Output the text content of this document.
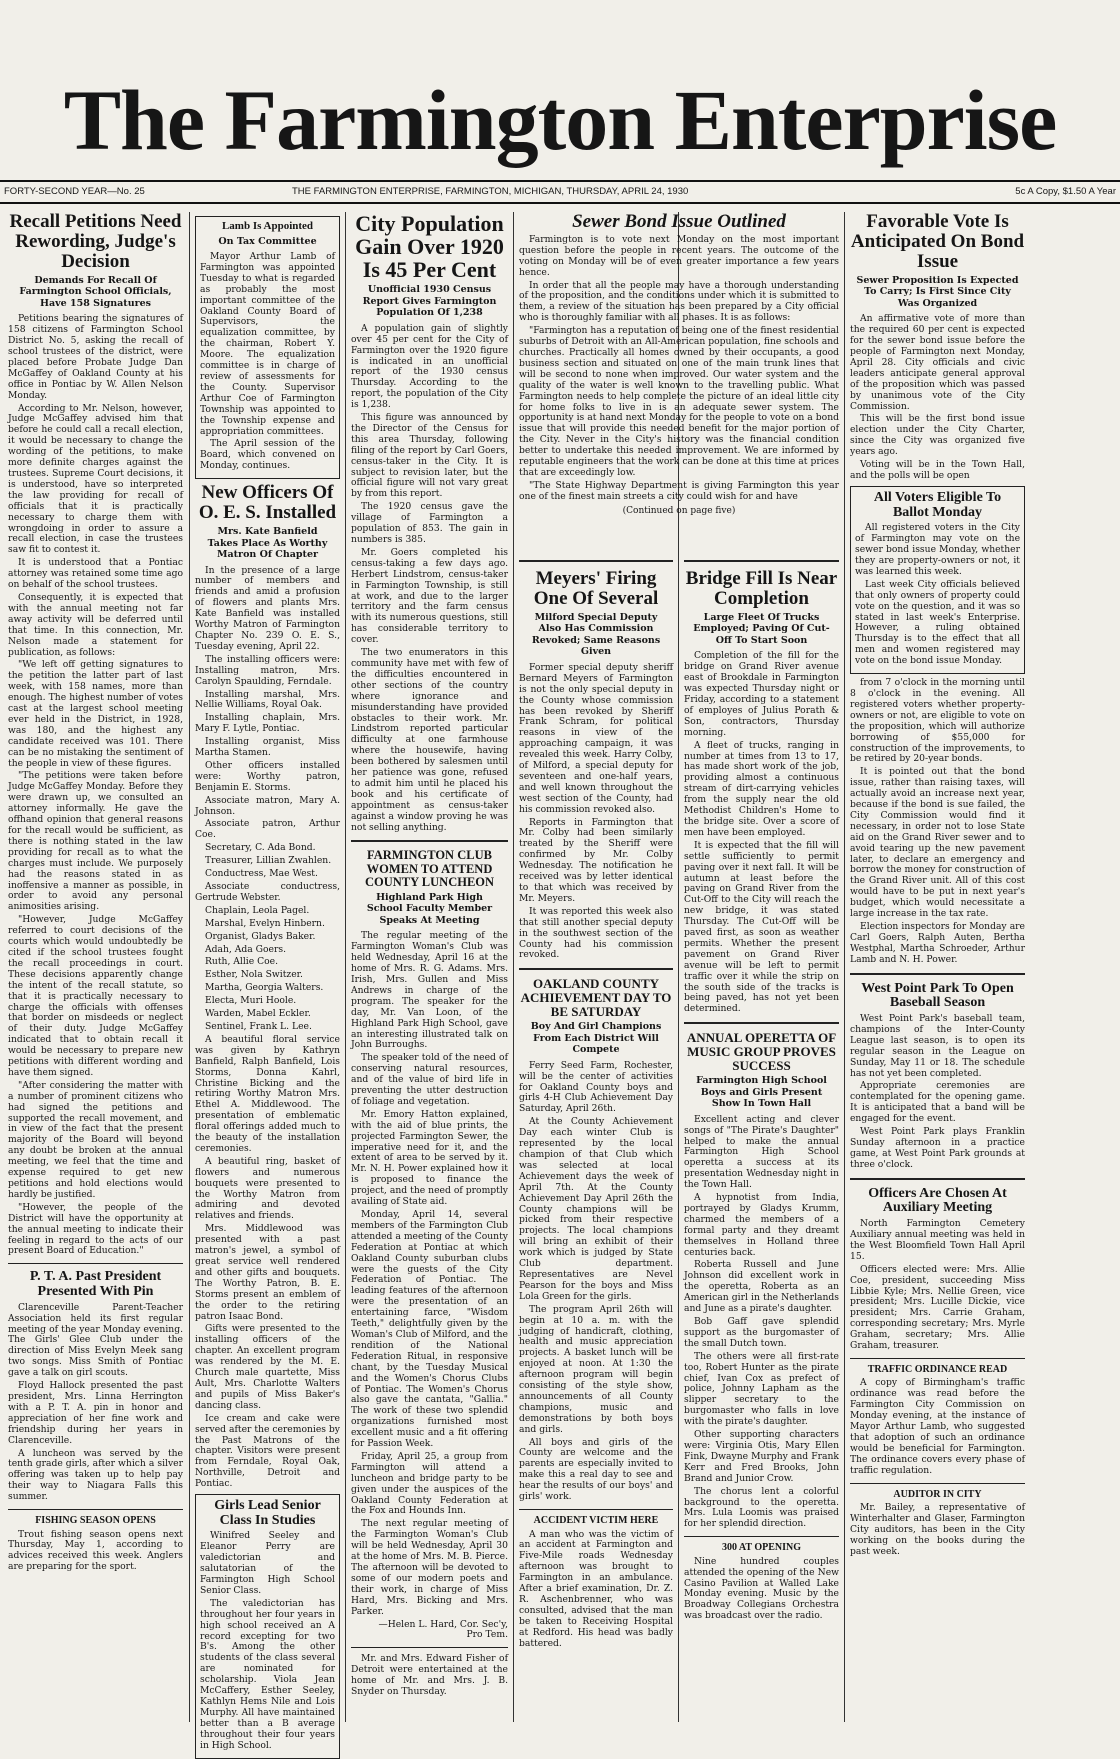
The Farmington Enterprise
FORTY-SECOND YEAR—No. 25	THE FARMINGTON ENTERPRISE, FARMINGTON, MICHIGAN, THURSDAY, APRIL 24, 1930	5c A Copy, $1.50 A Year
Recall Petitions Need Rewording, Judge's Decision
Demands For Recall Of Farmington School Officials, Have 158 Signatures

Petitions bearing the signatures of 158 citizens of Farmington School District No. 5, asking the recall of school trustees of the district, were placed before Probate Judge Dan McGaffey of Oakland County at his office in Pontiac by W. Allen Nelson Monday.

According to Mr. Nelson, however, Judge McGaffey advised him that before he could call a recall election, it would be necessary to change the wording of the petitions, to make more definite charges against the trustees. Supreme Court decisions, it is understood, have so interpreted the law providing for recall of officials that it is practically necessary to charge them with wrongdoing in order to assure a recall election, in case the trustees saw fit to contest it.

It is understood that a Pontiac attorney was retained some time ago on behalf of the school trustees.

Consequently, it is expected that with the annual meeting not far away activity will be deferred until that time. In this connection, Mr. Nelson made a statement for publication, as follows:

"We left off getting signatures to the petition the latter part of last week, with 158 names, more than enough. The highest number of votes cast at the largest school meeting ever held in the District, in 1928, was 180, and the highest any candidate received was 101. There can be no mistaking the sentiment of the people in view of these figures.

"The petitions were taken before Judge McGaffey Monday. Before they were drawn up, we consulted an attorney informally. He gave the offhand opinion that general reasons for the recall would be sufficient, as there is nothing stated in the law providing for recall as to what the charges must include. We purposely had the reasons stated in as inoffensive a manner as possible, in order to avoid any personal animosities arising.

"However, Judge McGaffey referred to court decisions of the courts which would undoubtedly be cited if the school trustees fought the recall proceedings in court. These decisions apparently change the intent of the recall statute, so that it is practically necessary to charge the officials with offenses that border on misdeeds or neglect of their duty. Judge McGaffey indicated that to obtain recall it would be necessary to prepare new petitions with different wording and have them signed.

"After considering the matter with a number of prominent citizens who had signed the petitions and supported the recall movement, and in view of the fact that the present majority of the Board will beyond any doubt be broken at the annual meeting, we feel that the time and expense required to get new petitions and hold elections would hardly be justified.

"However, the people of the District will have the opportunity at the annual meeting to indicate their feeling in regard to the acts of our present Board of Education."

P. T. A. Past President Presented With Pin

Clarenceville Parent-Teacher Association held its first regular meeting of the year Monday evening. The Girls' Glee Club under the direction of Miss Evelyn Meek sang two songs. Miss Smith of Pontiac gave a talk on girl scouts.

Floyd Hallock presented the past president, Mrs. Linna Herrington with a P. T. A. pin in honor and appreciation of her fine work and friendship during her years in Clarenceville.

A luncheon was served by the tenth grade girls, after which a silver offering was taken up to help pay their way to Niagara Falls this summer.

FISHING SEASON OPENS

Trout fishing season opens next Thursday, May 1, according to advices received this week. Anglers are preparing for the sport.

Lamb Is Appointed
On Tax Committee

Mayor Arthur Lamb of Farmington was appointed Tuesday to what is regarded as probably the most important committee of the Oakland County Board of Supervisors, the equalization committee, by the chairman, Robert Y. Moore. The equalization committee is in charge of review of assessments for the County. Supervisor Arthur Coe of Farmington Township was appointed to the Township expense and appropriation committees.

The April session of the Board, which convened on Monday, continues.

New Officers Of O. E. S. Installed
Mrs. Kate Banfield Takes Place As Worthy Matron Of Chapter

In the presence of a large number of members and friends and amid a profusion of flowers and plants Mrs. Kate Banfield was installed Worthy Matron of Farmington Chapter No. 239 O. E. S., Tuesday evening, April 22.

The installing officers were: Installing matron, Mrs. Carolyn Spaulding, Ferndale.

Installing marshal, Mrs. Nellie Williams, Royal Oak.

Installing chaplain, Mrs. Mary F. Lytle, Pontiac.

Installing organist, Miss Martha Stamen.

Other officers installed were: Worthy patron, Benjamin E. Storms.

Associate matron, Mary A. Johnson.

Associate patron, Arthur Coe.

Secretary, C. Ada Bond.

Treasurer, Lillian Zwahlen.

Conductress, Mae West.

Associate conductress, Gertrude Webster.

Chaplain, Leola Pagel.

Marshal, Evelyn Hinbern.

Organist, Gladys Baker.

Adah, Ada Goers.

Ruth, Allie Coe.

Esther, Nola Switzer.

Martha, Georgia Walters.

Electa, Muri Hoole.

Warden, Mabel Eckler.

Sentinel, Frank L. Lee.

A beautiful floral service was given by Kathryn Banfield, Ralph Banfield, Lois Storms, Donna Kahrl, Christine Bicking and the retiring Worthy Matron Mrs. Ethel A. Middlewood. The presentation of emblematic floral offerings added much to the beauty of the installation ceremonies.

A beautiful ring, basket of flowers and numerous bouquets were presented to the Worthy Matron from admiring and devoted relatives and friends.

Mrs. Middlewood was presented with a past matron's jewel, a symbol of great service well rendered and other gifts and bouquets. The Worthy Patron, B. E. Storms present an emblem of the order to the retiring patron Isaac Bond.

Gifts were presented to the installing officers of the chapter. An excellent program was rendered by the M. E. Church male quartette, Miss Ault, Mrs. Charlotte Walters and pupils of Miss Baker's dancing class.

Ice cream and cake were served after the ceremonies by the Past Matrons of the chapter. Visitors were present from Ferndale, Royal Oak, Northville, Detroit and Pontiac.

Girls Lead Senior Class In Studies

Winifred Seeley and Eleanor Perry are valedictorian and salutatorian of the Farmington High School Senior Class.

The valedictorian has throughout her four years in high school received an A record excepting for two B's. Among the other students of the class several are nominated for scholarship. Viola Jean McCaffery, Esther Seeley, Kathlyn Hems Nile and Lois Murphy. All have maintained better than a B average throughout their four years in High School.

City Population Gain Over 1920 Is 45 Per Cent
Unofficial 1930 Census Report Gives Farmington Population Of 1,238

A population gain of slightly over 45 per cent for the City of Farmington over the 1920 figure is indicated in an unofficial report of the 1930 census Thursday. According to the report, the population of the City is 1,238.

This figure was announced by the Director of the Census for this area Thursday, following filing of the report by Carl Goers, census-taker in the City. It is subject to revision later, but the official figure will not vary great by from this report.

The 1920 census gave the village of Farmington a population of 853. The gain in numbers is 385.

Mr. Goers completed his census-taking a few days ago. Herbert Lindstrom, census-taker in Farmington Township, is still at work, and due to the larger territory and the farm census with its numerous questions, still has considerable territory to cover.

The two enumerators in this community have met with few of the difficulties encountered in other sections of the country where ignorance and misunderstanding have provided obstacles to their work. Mr. Lindstrom reported particular difficulty at one farmhouse where the housewife, having been bothered by salesmen until her patience was gone, refused to admit him until he placed his book and his certificate of appointment as census-taker against a window proving he was not selling anything.

FARMINGTON CLUB WOMEN TO ATTEND COUNTY LUNCHEON
Highland Park High School Faculty Member Speaks At Meeting

The regular meeting of the Farmington Woman's Club was held Wednesday, April 16 at the home of Mrs. R. G. Adams. Mrs. Irish, Mrs. Gullen and Miss Andrews in charge of the program. The speaker for the day, Mr. Van Loon, of the Highland Park High School, gave an interesting illustrated talk on John Burroughs.

The speaker told of the need of conserving natural resources, and of the value of bird life in preventing the utter destruction of foliage and vegetation.

Mr. Emory Hatton explained, with the aid of blue prints, the projected Farmington Sewer, the imperative need for it, and the extent of area to be served by it. Mr. N. H. Power explained how it is proposed to finance the project, and the need of promptly availing of State aid.

Monday, April 14, several members of the Farmington Club attended a meeting of the County Federation at Pontiac at which Oakland County suburban clubs were the guests of the City Federation of Pontiac. The leading features of the afternoon were the presentation of an entertaining farce, "Wisdom Teeth," delightfully given by the Woman's Club of Milford, and the rendition of the National Federation Ritual, in responsive chant, by the Tuesday Musical and the Women's Chorus Clubs of Pontiac. The Women's Chorus also gave the cantata, "Gallia." The work of these two splendid organizations furnished most excellent music and a fit offering for Passion Week.

Friday, April 25, a group from Farmington will attend a luncheon and bridge party to be given under the auspices of the Oakland County Federation at the Fox and Hounds Inn.

The next regular meeting of the Farmington Woman's Club will be held Wednesday, April 30 at the home of Mrs. M. B. Pierce. The afternoon will be devoted to some of our modern poets and their work, in charge of Miss Hard, Mrs. Bicking and Mrs. Parker.

—Helen L. Hard, Cor. Sec'y, Pro Tem.

Mr. and Mrs. Edward Fisher of Detroit were entertained at the home of Mr. and Mrs. J. B. Snyder on Thursday.

Sewer Bond Issue Outlined

Farmington is to vote next Monday on the most important question before the people in recent years. The outcome of the voting on Monday will be of even greater importance a few years hence.

In order that all the people may have a thorough understanding of the proposition, and the conditions under which it is submitted to them, a review of the situation has been prepared by a City official who is thoroughly familiar with all phases. It is as follows:

"Farmington has a reputation of being one of the finest residential suburbs of Detroit with an All-American population, fine schools and churches. Practically all homes owned by their occupants, a good business section and situated on one of the main trunk lines that will be second to none when improved. Our water system and the quality of the water is well known to the travelling public. What Farmington needs to help complete the picture of an ideal little city for home folks to live in is an adequate sewer system. The opportunity is at hand next Monday for the people to vote on a bond issue that will provide this needed benefit for the major portion of the City. Never in the City's history was the financial condition better to undertake this needed improvement. We are informed by reputable engineers that the work can be done at this time at prices that are exceedingly low.

"The State Highway Department is giving Farmington this year one of the finest main streets a city could wish for and have

(Continued on page five)
Meyers' Firing One Of Several
Milford Special Deputy Also Has Commission Revoked; Same Reasons Given

Former special deputy sheriff Bernard Meyers of Farmington is not the only special deputy in the County whose commission has been revoked by Sheriff Frank Schram, for political reasons in view of the approaching campaign, it was revealed this week. Harry Colby, of Milford, a special deputy for seventeen and one-half years, and well known throughout the west section of the County, had his commission revoked also.

Reports in Farmington that Mr. Colby had been similarly treated by the Sheriff were confirmed by Mr. Colby Wednesday. The notification he received was by letter identical to that which was received by Mr. Meyers.

It was reported this week also that still another special deputy in the southwest section of the County had his commission revoked.

OAKLAND COUNTY ACHIEVEMENT DAY TO BE SATURDAY
Boy And Girl Champions From Each District Will Compete

Ferry Seed Farm, Rochester, will be the center of activities for Oakland County boys and girls 4-H Club Achievement Day Saturday, April 26th.

At the County Achievement Day each winter Club is represented by the local champion of that Club which was selected at local Achievement days the week of April 7th. At the County Achievement Day April 26th the County champions will be picked from their respective projects. The local champions will bring an exhibit of their work which is judged by State Club department. Representatives are Nevel Pearson for the boys and Miss Lola Green for the girls.

The program April 26th will begin at 10 a. m. with the judging of handicraft, clothing, health and music appreciation projects. A basket lunch will be enjoyed at noon. At 1:30 the afternoon program will begin consisting of the style show, announcements of all County champions, music and demonstrations by both boys and girls.

All boys and girls of the County are welcome and the parents are especially invited to make this a real day to see and hear the results of our boys' and girls' work.

ACCIDENT VICTIM HERE

A man who was the victim of an accident at Farmington and Five-Mile roads Wednesday afternoon was brought to Farmington in an ambulance. After a brief examination, Dr. Z. R. Aschenbrenner, who was consulted, advised that the man be taken to Receiving Hospital at Redford. His head was badly battered.

Bridge Fill Is Near Completion
Large Fleet Of Trucks Employed; Paving Of Cut-Off To Start Soon

Completion of the fill for the bridge on Grand River avenue east of Brookdale in Farmington was expected Thursday night or Friday, according to a statement of employes of Julius Porath & Son, contractors, Thursday morning.

A fleet of trucks, ranging in number at times from 13 to 17, has made short work of the job, providing almost a continuous stream of dirt-carrying vehicles from the supply near the old Methodist Children's Home to the bridge site. Over a score of men have been employed.

It is expected that the fill will settle sufficiently to permit paving over it next fall. It will be autumn at least before the paving on Grand River from the Cut-Off to the City will reach the new bridge, it was stated Thursday. The Cut-Off will be paved first, as soon as weather permits. Whether the present pavement on Grand River avenue will be left to permit traffic over it while the strip on the south side of the tracks is being paved, has not yet been determined.

ANNUAL OPERETTA OF MUSIC GROUP PROVES SUCCESS
Farmington High School Boys and Girls Present Show In Town Hall

Excellent acting and clever songs of "The Pirate's Daughter" helped to make the annual Farmington High School operetta a success at its presentation Wednesday night in the Town Hall.

A hypnotist from India, portrayed by Gladys Krumm, charmed the members of a formal party and they dreamt themselves in Holland three centuries back.

Roberta Russell and June Johnson did excellent work in the operetta, Roberta as an American girl in the Netherlands and June as a pirate's daughter.

Bob Gaff gave splendid support as the burgomaster of the small Dutch town.

The others were all first-rate too, Robert Hunter as the pirate chief, Ivan Cox as prefect of police, Johnny Lapham as the slipper secretary to the burgomaster who falls in love with the pirate's daughter.

Other supporting characters were: Virginia Otis, Mary Ellen Fink, Dwayne Murphy and Frank Kerr and Fred Brooks, John Brand and Junior Crow.

The chorus lent a colorful background to the operetta. Mrs. Lula Loomis was praised for her splendid direction.

300 AT OPENING

Nine hundred couples attended the opening of the New Casino Pavilion at Walled Lake Monday evening. Music by the Broadway Collegians Orchestra was broadcast over the radio.

Favorable Vote Is Anticipated On Bond Issue
Sewer Proposition Is Expected To Carry; Is First Since City Was Organized

An affirmative vote of more than the required 60 per cent is expected for the sewer bond issue before the people of Farmington next Monday, April 28. City officials and civic leaders anticipate general approval of the proposition which was passed by unanimous vote of the City Commission.

This will be the first bond issue election under the City Charter, since the City was organized five years ago.

Voting will be in the Town Hall, and the polls will be open

All Voters Eligible To Ballot Monday

All registered voters in the City of Farmington may vote on the sewer bond issue Monday, whether they are property-owners or not, it was learned this week.

Last week City officials believed that only owners of property could vote on the question, and it was so stated in last week's Enterprise. However, a ruling obtained Thursday is to the effect that all men and women registered may vote on the bond issue Monday.

from 7 o'clock in the morning until 8 o'clock in the evening. All registered voters whether property-owners or not, are eligible to vote on the proposition, which will authorize borrowing of $55,000 for construction of the improvements, to be retired by 20-year bonds.

It is pointed out that the bond issue, rather than raising taxes, will actually avoid an increase next year, because if the bond is sue failed, the City Commission would find it necessary, in order not to lose State aid on the Grand River sewer and to avoid tearing up the new pavement later, to declare an emergency and borrow the money for construction of the Grand River unit. All of this cost would have to be put in next year's budget, which would necessitate a large increase in the tax rate.

Election inspectors for Monday are Carl Goers, Ralph Auten, Bertha Westphal, Martha Schroeder, Arthur Lamb and N. H. Power.

West Point Park To Open Baseball Season

West Point Park's baseball team, champions of the Inter-County League last season, is to open its regular season in the League on Sunday, May 11 or 18. The schedule has not yet been completed.

Appropriate ceremonies are contemplated for the opening game. It is anticipated that a band will be engaged for the event.

West Point Park plays Franklin Sunday afternoon in a practice game, at West Point Park grounds at three o'clock.

Officers Are Chosen At Auxiliary Meeting

North Farmington Cemetery Auxiliary annual meeting was held in the West Bloomfield Town Hall April 15.

Officers elected were: Mrs. Allie Coe, president, succeeding Miss Libbie Kyle; Mrs. Nellie Green, vice president; Mrs. Lucille Dickie, vice president; Mrs. Carrie Graham, corresponding secretary; Mrs. Myrle Graham, secretary; Mrs. Allie Graham, treasurer.

TRAFFIC ORDINANCE READ

A copy of Birmingham's traffic ordinance was read before the Farmington City Commission on Monday evening, at the instance of Mayor Arthur Lamb, who suggested that adoption of such an ordinance would be beneficial for Farmington. The ordinance covers every phase of traffic regulation.

AUDITOR IN CITY

Mr. Bailey, a representative of Winterhalter and Glaser, Farmington City auditors, has been in the City working on the books during the past week.
